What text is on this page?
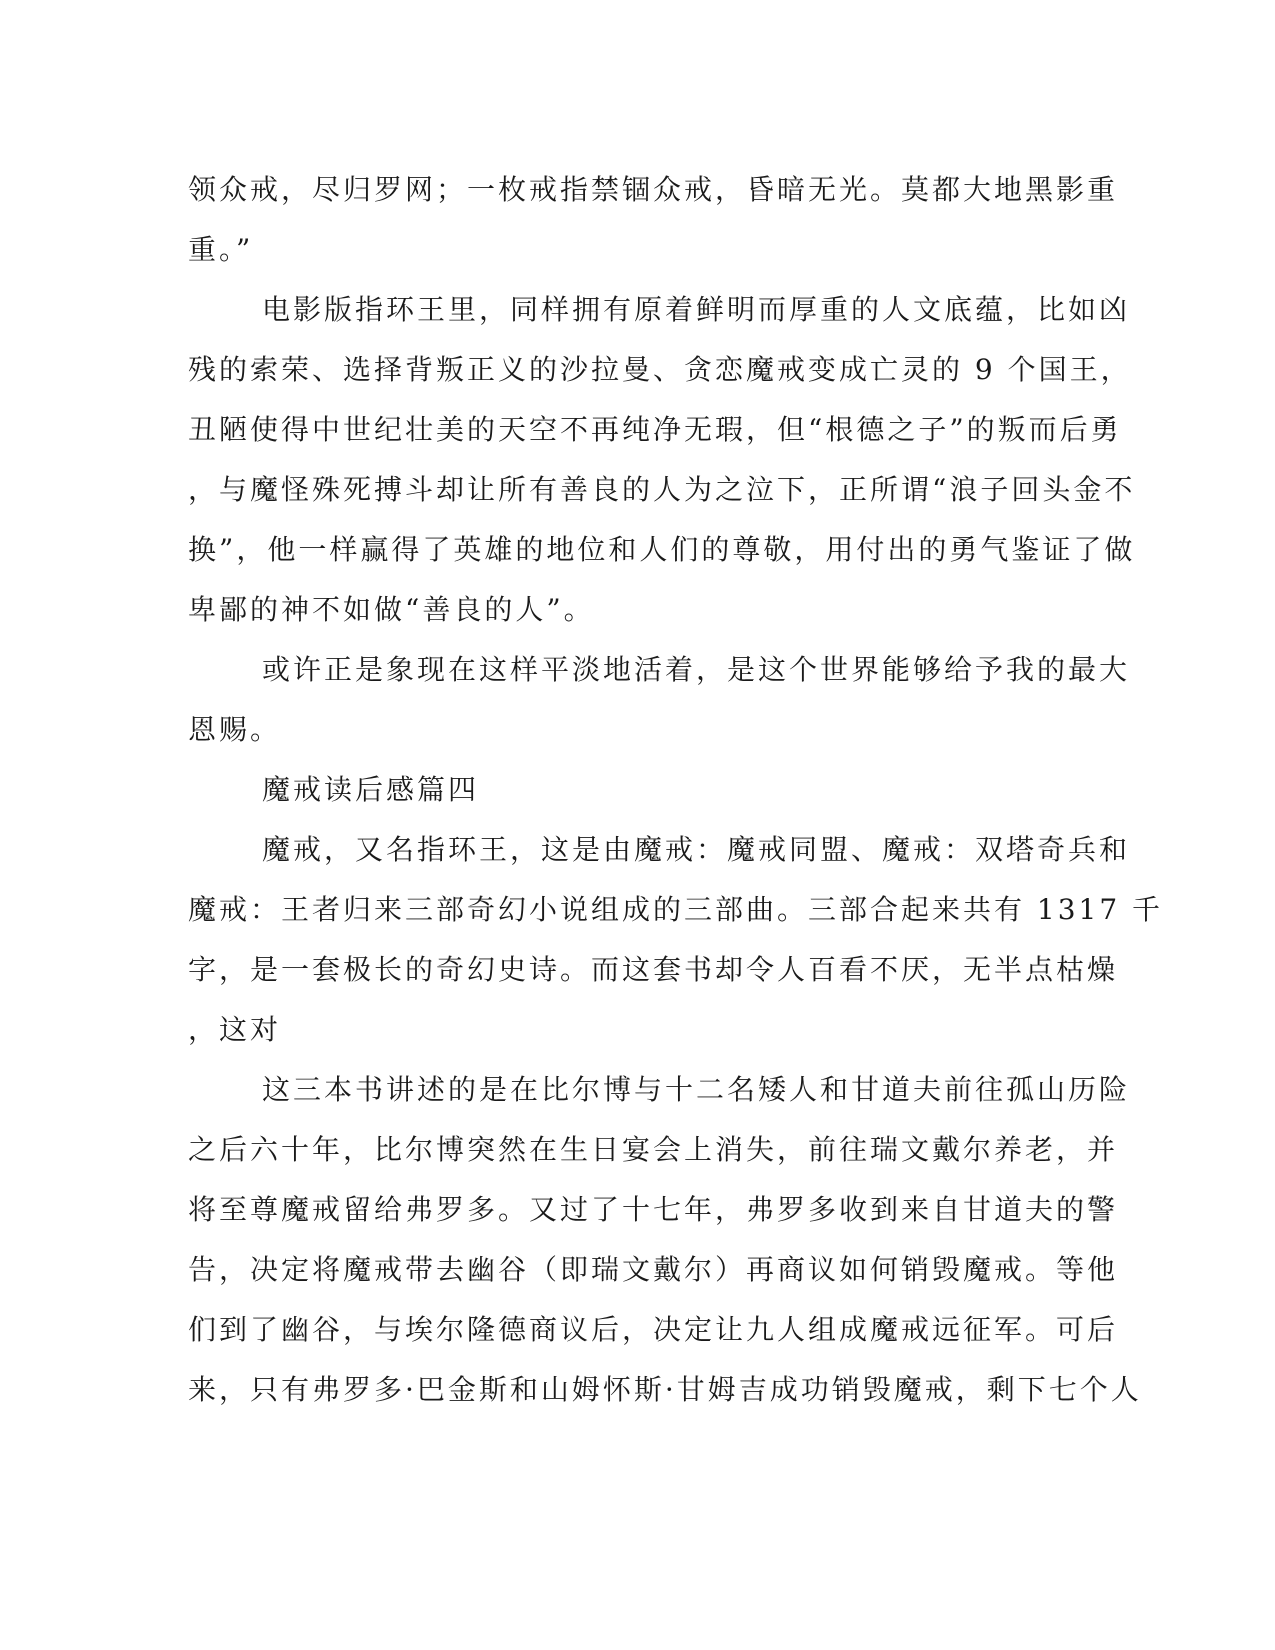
领众戒，尽归罗网；一枚戒指禁锢众戒，昏暗无光。莫都大地黑影重
重。”
电影版指环王里，同样拥有原着鲜明而厚重的人文底蕴，比如凶
残的索荣、选择背叛正义的沙拉曼、贪恋魔戒变成亡灵的 9 个国王，
丑陋使得中世纪壮美的天空不再纯净无瑕，但“根德之子”的叛而后勇
，与魔怪殊死搏斗却让所有善良的人为之泣下，正所谓“浪子回头金不
换”，他一样赢得了英雄的地位和人们的尊敬，用付出的勇气鉴证了做
卑鄙的神不如做“善良的人”。
或许正是象现在这样平淡地活着，是这个世界能够给予我的最大
恩赐。
魔戒读后感篇四
魔戒，又名指环王，这是由魔戒：魔戒同盟、魔戒：双塔奇兵和
魔戒：王者归来三部奇幻小说组成的三部曲。三部合起来共有 1317 千
字，是一套极长的奇幻史诗。而这套书却令人百看不厌，无半点枯燥
，这对
这三本书讲述的是在比尔博与十二名矮人和甘道夫前往孤山历险
之后六十年，比尔博突然在生日宴会上消失，前往瑞文戴尔养老，并
将至尊魔戒留给弗罗多。又过了十七年，弗罗多收到来自甘道夫的警
告，决定将魔戒带去幽谷（即瑞文戴尔）再商议如何销毁魔戒。等他
们到了幽谷，与埃尔隆德商议后，决定让九人组成魔戒远征军。可后
来，只有弗罗多·巴金斯和山姆怀斯·甘姆吉成功销毁魔戒，剩下七个人
